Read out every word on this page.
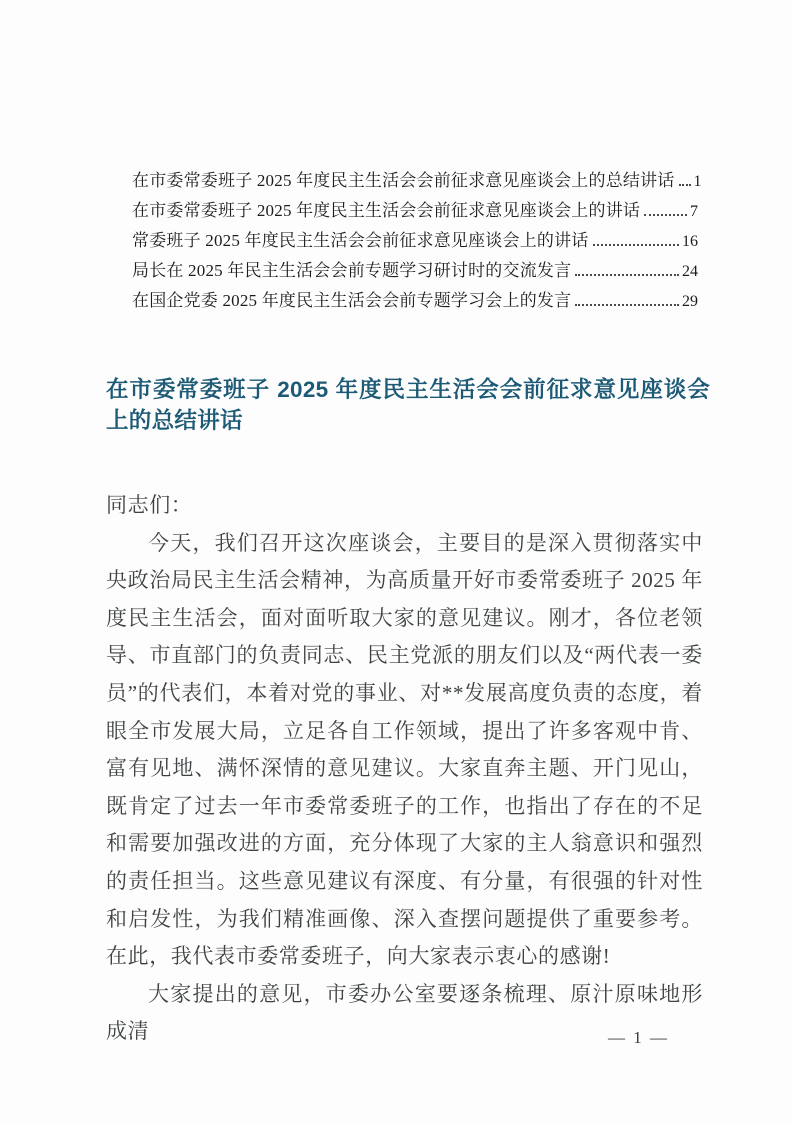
在市委常委班子 2025 年度民主生活会会前征求意见座谈会上的总结讲话 1
在市委常委班子 2025 年度民主生活会会前征求意见座谈会上的讲话	7
常委班子 2025 年度民主生活会会前征求意见座谈会上的讲话	16
局长在 2025 年民主生活会会前专题学习研讨时的交流发言	24
在国企党委 2025 年度民主生活会会前专题学习会上的发言	29
在市委常委班子 2025 年度民主生活会会前征求意见座谈会上的总结讲话

同志们：

今天，我们召开这次座谈会，主要目的是深入贯彻落实中央政治局民主生活会精神，为高质量开好市委常委班子 2025 年度民主生活会，面对面听取大家的意见建议。刚才，各位老领导、市直部门的负责同志、民主党派的朋友们以及“两代表一委员”的代表们，本着对党的事业、对**发展高度负责的态度，着眼全市发展大局，立足各自工作领域，提出了许多客观中肯、富有见地、满怀深情的意见建议。大家直奔主题、开门见山，既肯定了过去一年市委常委班子的工作，也指出了存在的不足和需要加强改进的方面，充分体现了大家的主人翁意识和强烈的责任担当。这些意见建议有深度、有分量，有很强的针对性和启发性，为我们精准画像、深入查摆问题提供了重要参考。在此，我代表市委常委班子，向大家表示衷心的感谢!

大家提出的意见，市委办公室要逐条梳理、原汁原味地形成清	— 1 —
